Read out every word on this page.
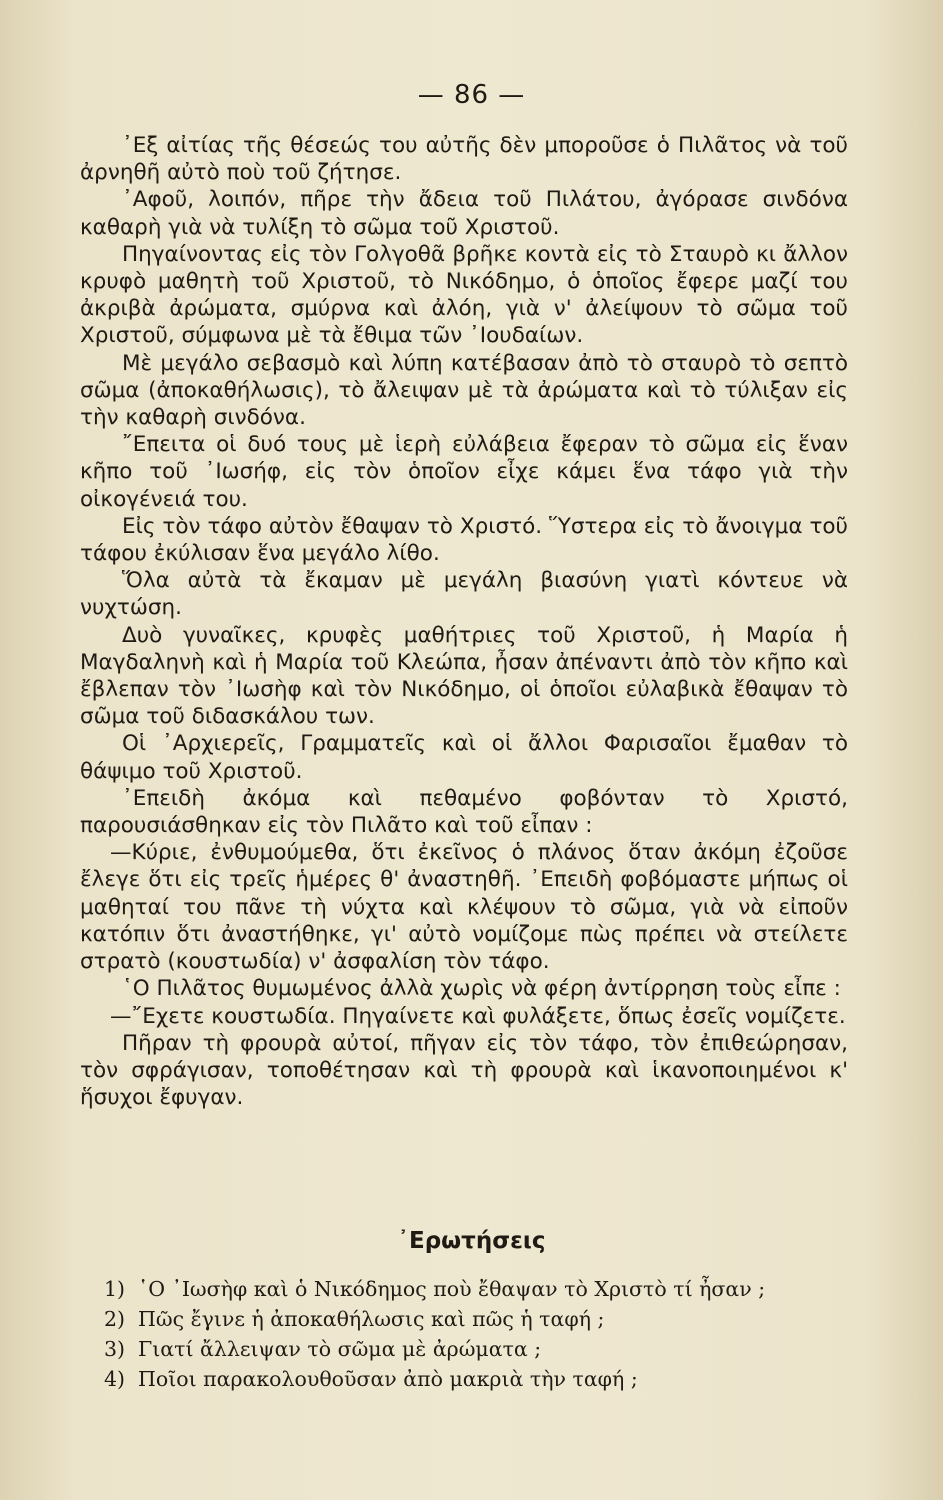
— 86 —

᾿Εξ αἰτίας τῆς θέσεώς του αὐτῆς δὲν μποροῦσε ὁ Πιλᾶτος νὰ τοῦ ἀρνηθῆ αὐτὸ ποὺ τοῦ ζήτησε.

᾿Αφοῦ, λοιπόν, πῆρε τὴν ἄδεια τοῦ Πιλάτου, ἀγόρασε σινδόνα καθαρὴ γιὰ νὰ τυλίξη τὸ σῶμα τοῦ Χριστοῦ.

Πηγαίνοντας εἰς τὸν Γολγοθᾶ βρῆκε κοντὰ εἰς τὸ Σταυρὸ κι ἄλλον κρυφὸ μαθητὴ τοῦ Χριστοῦ, τὸ Νικόδημο, ὁ ὁποῖος ἔφερε μαζί του ἀκριβὰ ἀρώματα, σμύρνα καὶ ἀλόη, γιὰ ν' ἀλείψουν τὸ σῶμα τοῦ Χριστοῦ, σύμφωνα μὲ τὰ ἔθιμα τῶν ᾿Ιουδαίων.

Μὲ μεγάλο σεβασμὸ καὶ λύπη κατέβασαν ἀπὸ τὸ σταυρὸ τὸ σεπτὸ σῶμα (ἀποκαθήλωσις), τὸ ἄλειψαν μὲ τὰ ἀρώματα καὶ τὸ τύλιξαν εἰς τὴν καθαρὴ σινδόνα.

῎Επειτα οἱ δυό τους μὲ ἱερὴ εὐλάβεια ἔφεραν τὸ σῶμα εἰς ἕναν κῆπο τοῦ ᾿Ιωσήφ, εἰς τὸν ὁποῖον εἶχε κάμει ἕνα τάφο γιὰ τὴν οἰκογένειά του.

Εἰς τὸν τάφο αὐτὸν ἔθαψαν τὸ Χριστό. Ὕστερα εἰς τὸ ἄνοιγμα τοῦ τάφου ἐκύλισαν ἕνα μεγάλο λίθο.

Ὅλα αὐτὰ τὰ ἔκαμαν μὲ μεγάλη βιασύνη γιατὶ κόντευε νὰ νυχτώση.

Δυὸ γυναῖκες, κρυφὲς μαθήτριες τοῦ Χριστοῦ, ἡ Μαρία ἡ Μαγδαληνὴ καὶ ἡ Μαρία τοῦ Κλεώπα, ἦσαν ἀπέναντι ἀπὸ τὸν κῆπο καὶ ἔβλεπαν τὸν ᾿Ιωσὴφ καὶ τὸν Νικόδημο, οἱ ὁποῖοι εὐλαβικὰ ἔθαψαν τὸ σῶμα τοῦ διδασκάλου των.

Οἱ ᾿Αρχιερεῖς, Γραμματεῖς καὶ οἱ ἄλλοι Φαρισαῖοι ἔμαθαν τὸ θάψιμο τοῦ Χριστοῦ.

᾿Επειδὴ ἀκόμα καὶ πεθαμένο φοβόνταν τὸ Χριστό, παρουσιάσθηκαν εἰς τὸν Πιλᾶτο καὶ τοῦ εἶπαν :

—Κύριε, ἐνθυμούμεθα, ὅτι ἐκεῖνος ὁ πλάνος ὅταν ἀκόμη ἐζοῦσε ἔλεγε ὅτι εἰς τρεῖς ἡμέρες θ' ἀναστηθῆ. ᾿Επειδὴ φοβόμαστε μήπως οἱ μαθηταί του πᾶνε τὴ νύχτα καὶ κλέψουν τὸ σῶμα, γιὰ νὰ εἰποῦν κατόπιν ὅτι ἀναστήθηκε, γι' αὐτὸ νομίζομε πὼς πρέπει νὰ στείλετε στρατὸ (κουστωδία) ν' ἀσφαλίση τὸν τάφο.

῾Ο Πιλᾶτος θυμωμένος ἀλλὰ χωρὶς νὰ φέρη ἀντίρρηση τοὺς εἶπε :

—῎Εχετε κουστωδία. Πηγαίνετε καὶ φυλάξετε, ὅπως ἐσεῖς νομίζετε.

Πῆραν τὴ φρουρὰ αὐτοί, πῆγαν εἰς τὸν τάφο, τὸν ἐπιθεώρησαν, τὸν σφράγισαν, τοποθέτησαν καὶ τὴ φρουρὰ καὶ ἱκανοποιημένοι κ' ἥσυχοι ἔφυγαν.

᾿Ερωτήσεις
1) ῾Ο ᾿Ιωσὴφ καὶ ὁ Νικόδημος ποὺ ἔθαψαν τὸ Χριστὸ τί ἦσαν ;
2) Πῶς ἔγινε ἡ ἀποκαθήλωσις καὶ πῶς ἡ ταφή ;
3) Γιατί ἄλλειψαν τὸ σῶμα μὲ ἀρώματα ;
4) Ποῖοι παρακολουθοῦσαν ἀπὸ μακριὰ τὴν ταφή ;
